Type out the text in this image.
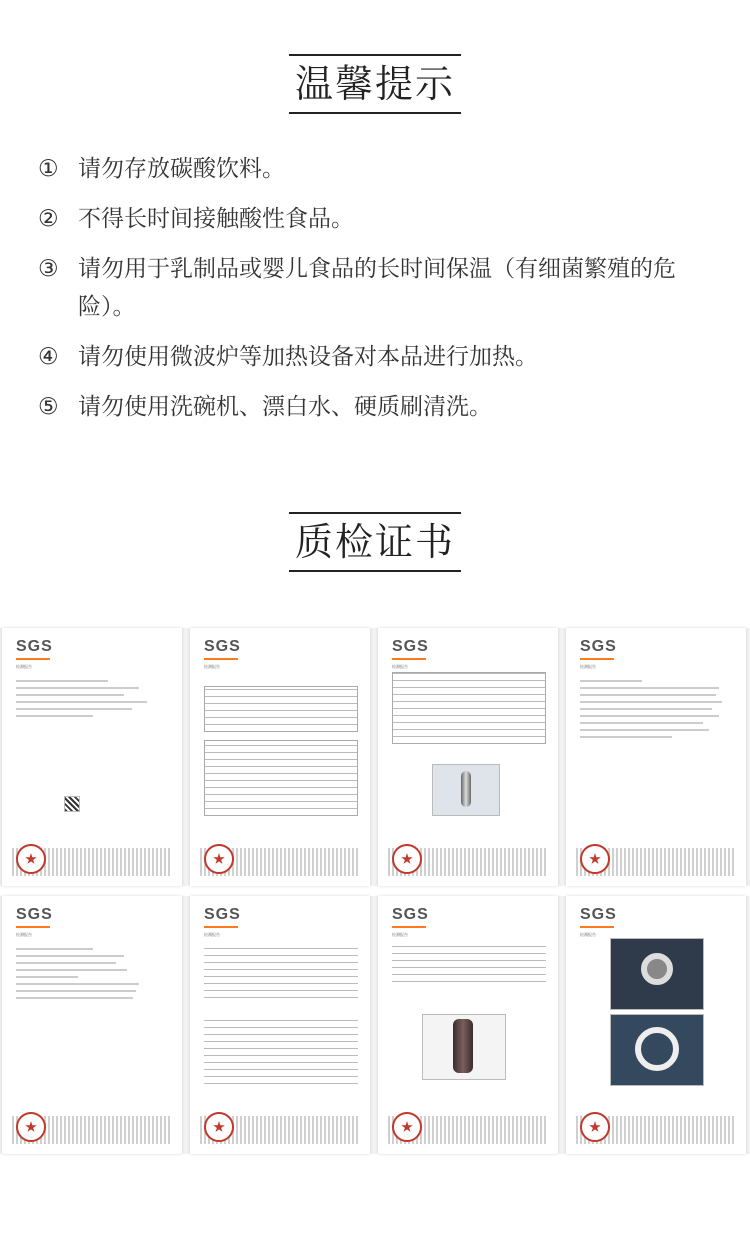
温馨提示
① 请勿存放碳酸饮料。
② 不得长时间接触酸性食品。
③ 请勿用于乳制品或婴儿食品的长时间保温（有细菌繁殖的危险）。
④ 请勿使用微波炉等加热设备对本品进行加热。
⑤ 请勿使用洗碗机、漂白水、硬质刷清洗。
质检证书
SGS
检测报告
SGS
检测报告
SGS
检测报告
SGS
检测报告
SGS
检测报告
SGS
检测报告
SGS
检测报告
SGS
检测报告
